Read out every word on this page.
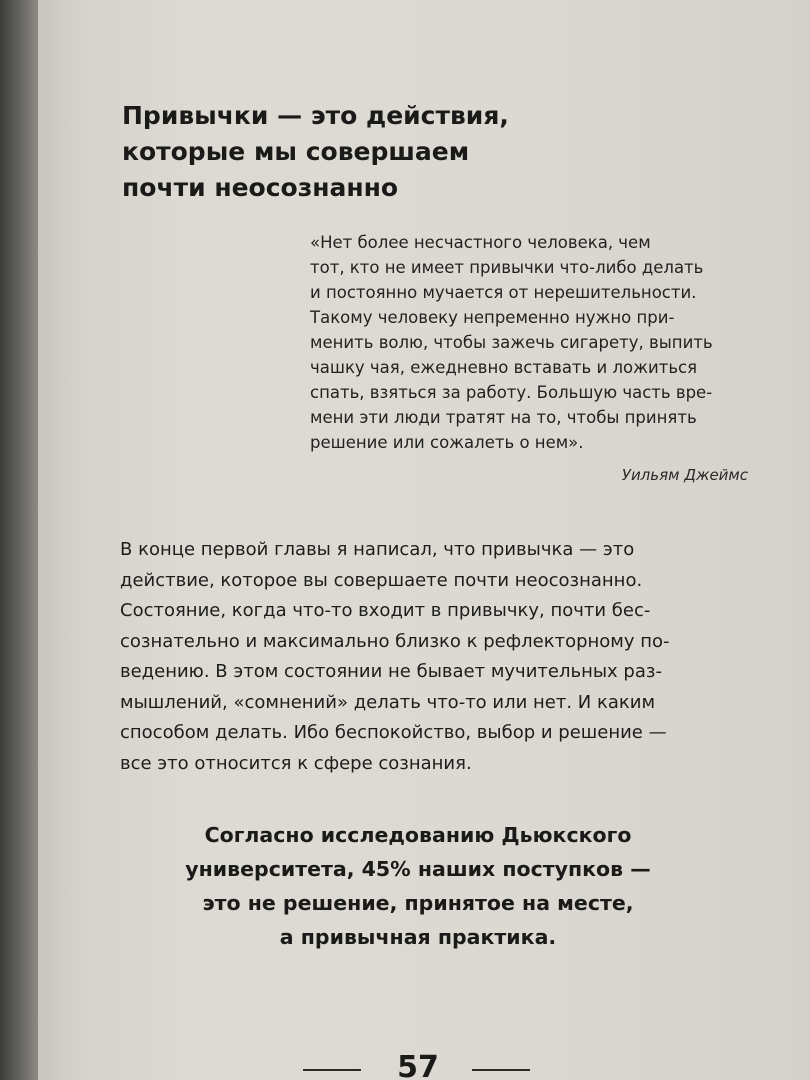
Привычки — это действия,
которые мы совершаем
почти неосознанно
«Нет более несчастного человека, чем
тот, кто не имеет привычки что-либо делать
и постоянно мучается от нерешительности.
Такому человеку непременно нужно при-
менить волю, чтобы зажечь сигарету, выпить
чашку чая, ежедневно вставать и ложиться
спать, взяться за работу. Большую часть вре-
мени эти люди тратят на то, чтобы принять
решение или сожалеть о нем».
Уильям Джеймс
В конце первой главы я написал, что привычка — это
действие, которое вы совершаете почти неосознанно.
Состояние, когда что-то входит в привычку, почти бес-
сознательно и максимально близко к рефлекторному по-
ведению. В этом состоянии не бывает мучительных раз-
мышлений, «сомнений» делать что-то или нет. И каким
способом делать. Ибо беспокойство, выбор и решение —
все это относится к сфере сознания.
Согласно исследованию Дьюкского
университета, 45% наших поступков —
это не решение, принятое на месте,
а привычная практика.
57
